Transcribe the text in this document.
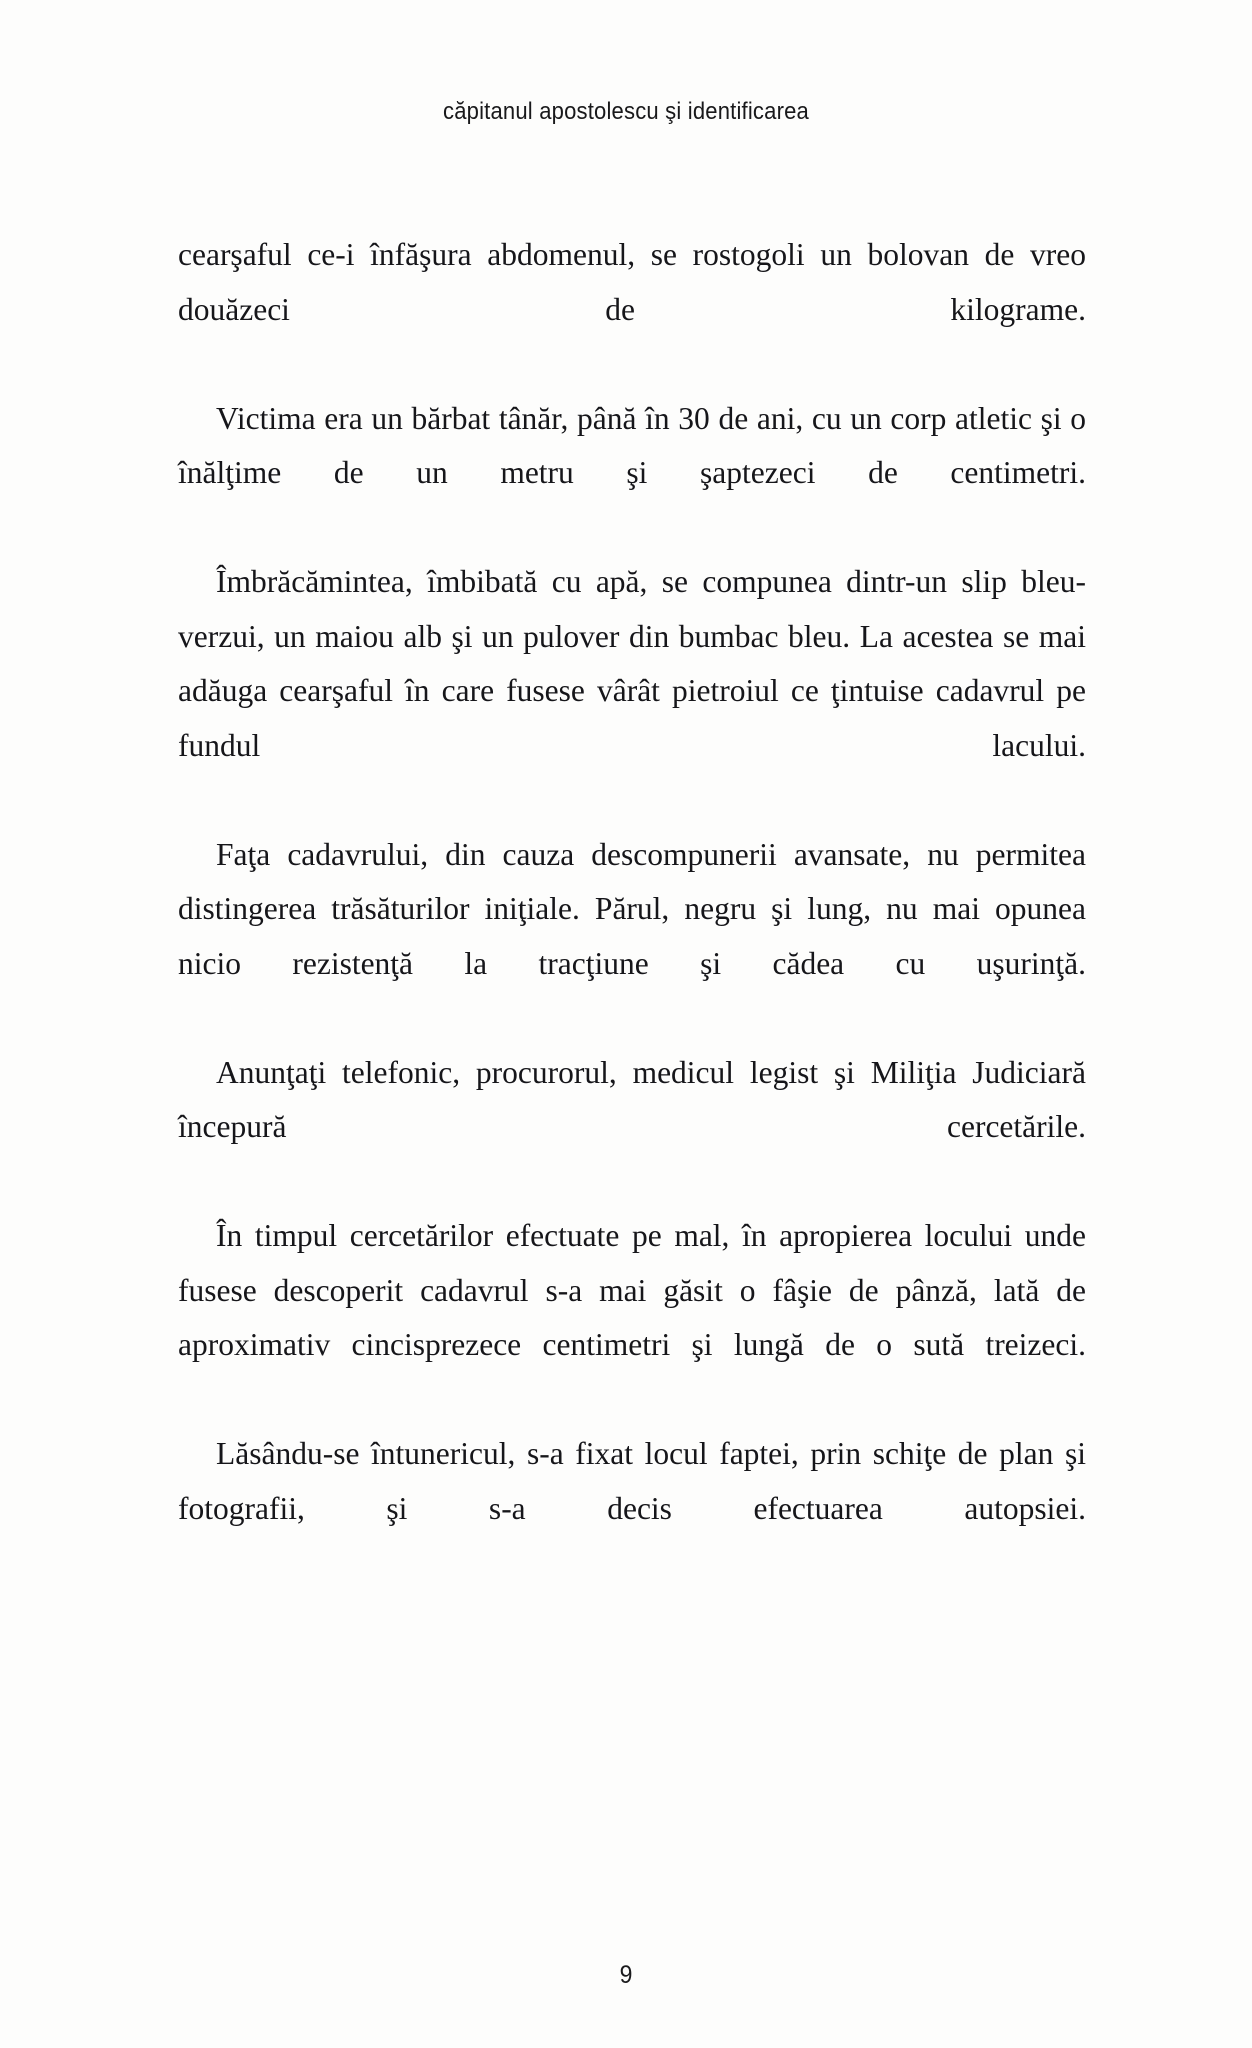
căpitanul apostolescu şi identificarea

cearşaful ce-i înfăşura abdomenul, se rostogoli un bolovan de vreo douăzeci de kilograme.

Victima era un bărbat tânăr, până în 30 de ani, cu un corp atletic şi o înălţime de un metru şi şaptezeci de centimetri.

Îmbrăcămintea, îmbibată cu apă, se compunea dintr-un slip bleu-verzui, un maiou alb şi un pulover din bumbac bleu. La acestea se mai adăuga cearşaful în care fusese vârât pietroiul ce ţintuise cadavrul pe fundul lacului.

Faţa cadavrului, din cauza descompunerii avansate, nu permitea distingerea trăsăturilor iniţiale. Părul, negru şi lung, nu mai opunea nicio rezistenţă la tracţiune şi cădea cu uşurinţă.

Anunţaţi telefonic, procurorul, medicul legist şi Miliţia Judiciară începură cercetările.

În timpul cercetărilor efectuate pe mal, în apropierea locului unde fusese descoperit cadavrul s-a mai găsit o fâşie de pânză, lată de aproximativ cincisprezece centimetri şi lungă de o sută treizeci.

Lăsându-se întunericul, s-a fixat locul faptei, prin schiţe de plan şi fotografii, şi s-a decis efectuarea autopsiei.

9
